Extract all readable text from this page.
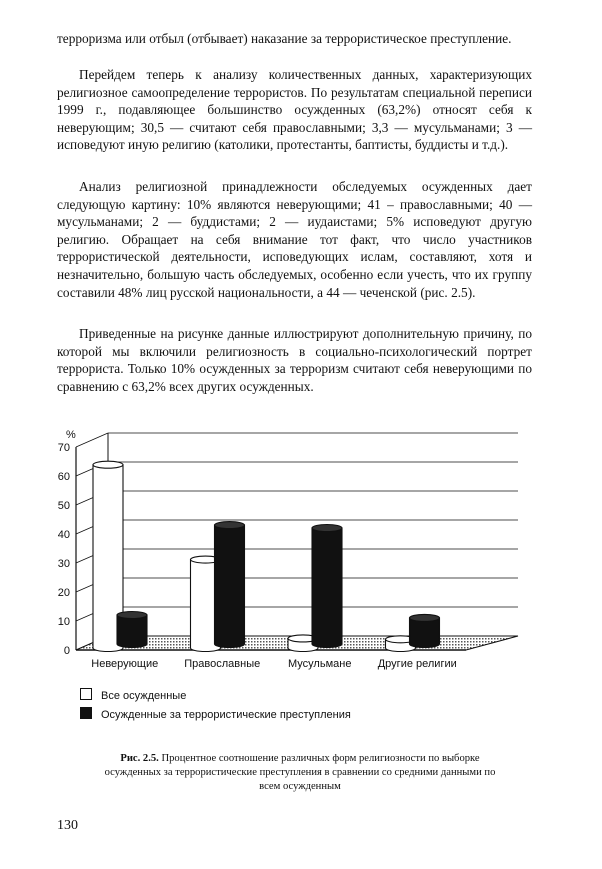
терроризма или отбыл (отбывает) наказание за террористическое преступление.

Перейдем теперь к анализу количественных данных, характеризующих религиозное самоопределение террористов. По результатам специальной переписи 1999 г., подавляющее большинство осужденных (63,2%) относят себя к неверующим; 30,5 — считают себя православными; 3,3 — мусульманами; 3 — исповедуют иную религию (католики, протестанты, баптисты, буддисты и т.д.).

Анализ религиозной принадлежности обследуемых осужденных дает следующую картину: 10% являются неверующими; 41 – православными; 40 — мусульманами; 2 — буддистами; 2 — иудаистами; 5% исповедуют другую религию. Обращает на себя внимание тот факт, что число участников террористической деятельности, исповедующих ислам, составляют, хотя и незначительно, большую часть обследуемых, особенно если учесть, что их группу составили 48% лиц русской национальности, а 44 — чеченской (рис. 2.5).

Приведенные на рисунке данные иллюстрируют дополнительную причину, по которой мы включили религиозность в социально-психологический портрет террориста. Только 10% осужденных за терроризм считают себя неверующими по сравнению с 63,2% всех других осужденных.

%
0
10
20
30
40
50
60
70
Неверующие Православные	Мусульмане Другие религии
Все осужденные
Осужденные за террористические преступления
Рис. 2.5. Процентное соотношение различных форм религиозности по выборке осужденных за террористические преступления в сравнении со средними данными по всем осужденным
130
